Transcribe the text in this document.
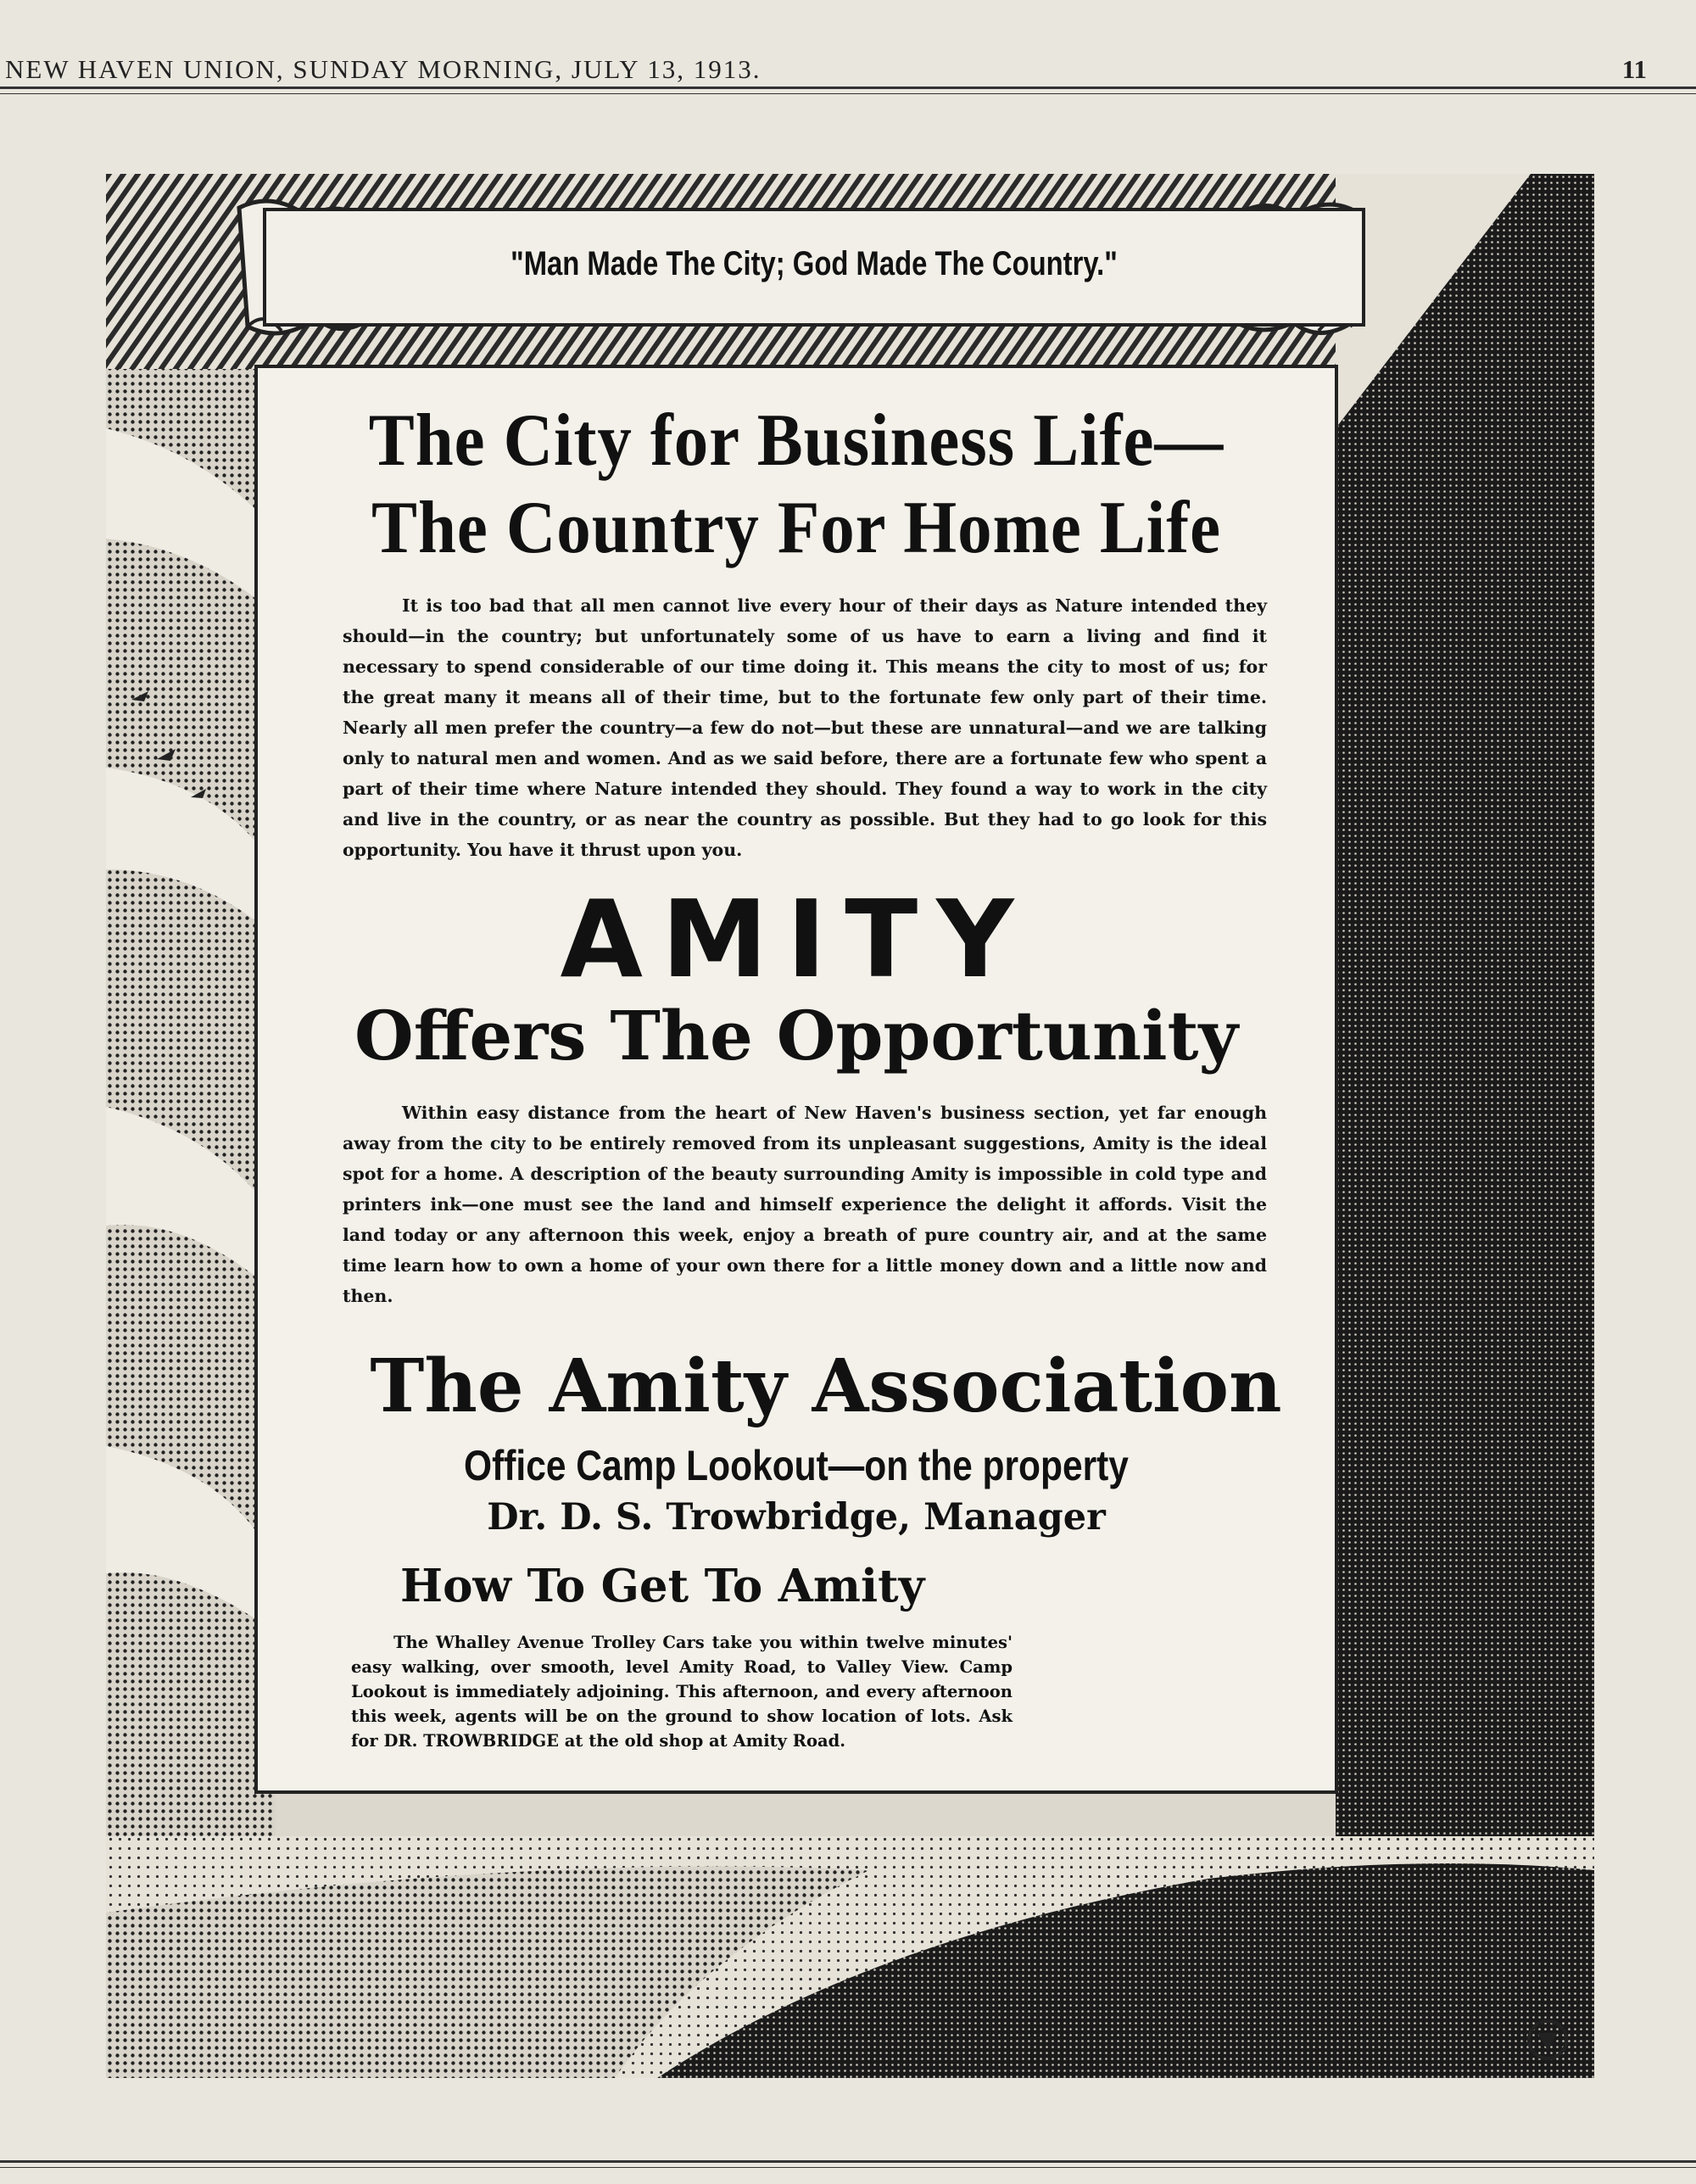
NEW HAVEN UNION, SUNDAY MORNING, JULY 13, 1913.	11
"Man Made The City; God Made The Country."
The City for Business Life—
The Country For Home Life
It is too bad that all men cannot live every hour of their days as Nature intended they should—in the country; but unfortunately some of us have to earn a living and find it necessary to spend considerable of our time doing it. This means the city to most of us; for the great many it means all of their time, but to the fortunate few only part of their time. Nearly all men prefer the country—a few do not—but these are unnatural—and we are talking only to natural men and women. And as we said before, there are a fortunate few who spent a part of their time where Nature intended they should. They found a way to work in the city and live in the country, or as near the country as possible. But they had to go look for this opportunity. You have it thrust upon you.
AMITY
Offers The Opportunity
Within easy distance from the heart of New Haven's business section, yet far enough away from the city to be entirely removed from its unpleasant suggestions, Amity is the ideal spot for a home. A description of the beauty surrounding Amity is impossible in cold type and printers ink—one must see the land and himself experience the delight it affords. Visit the land today or any afternoon this week, enjoy a breath of pure country air, and at the same time learn how to own a home of your own there for a little money down and a little now and then.
The Amity Association
Office Camp Lookout—on the property
Dr. D. S. Trowbridge, Manager
How To Get To Amity
The Whalley Avenue Trolley Cars take you within twelve minutes' easy walking, over smooth, level Amity Road, to Valley View. Camp Lookout is immediately adjoining. This afternoon, and every afternoon this week, agents will be on the ground to show location of lots. Ask for DR. TROWBRIDGE at the old shop at Amity Road.
